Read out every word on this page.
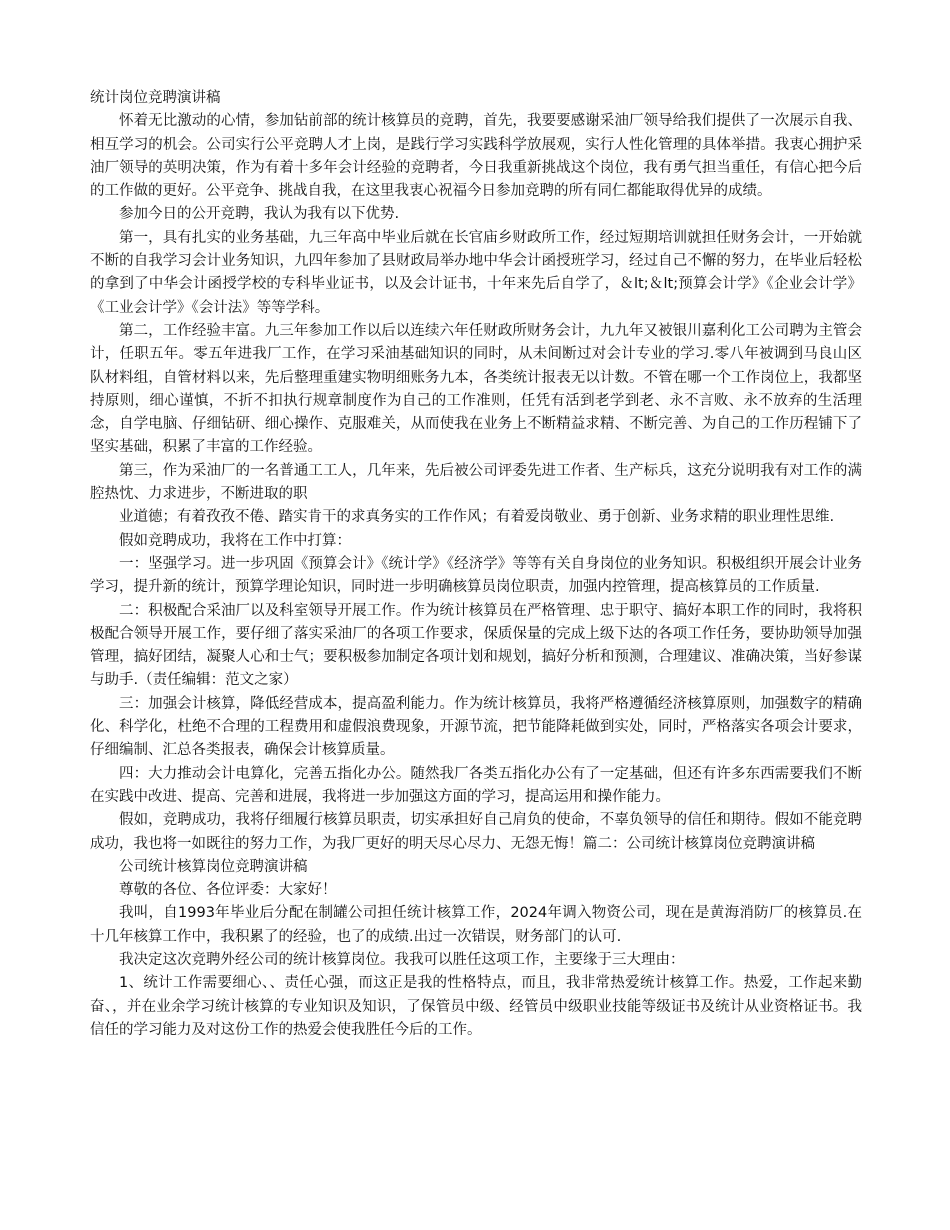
统计岗位竞聘演讲稿

怀着无比激动的心情，参加钻前部的统计核算员的竞聘，首先，我要要感谢采油厂领导给我们提供了一次展示自我、相互学习的机会。公司实行公平竞聘人才上岗，是践行学习实践科学放展观，实行人性化管理的具体举措。我衷心拥护采油厂领导的英明决策，作为有着十多年会计经验的竞聘者，今日我重新挑战这个岗位，我有勇气担当重任，有信心把今后的工作做的更好。公平竞争、挑战自我，在这里我衷心祝福今日参加竞聘的所有同仁都能取得优异的成绩。

参加今日的公开竞聘，我认为我有以下优势.

第一，具有扎实的业务基础，九三年高中毕业后就在长官庙乡财政所工作，经过短期培训就担任财务会计，一开始就不断的自我学习会计业务知识，九四年参加了县财政局举办地中华会计函授班学习，经过自己不懈的努力，在毕业后轻松的拿到了中华会计函授学校的专科毕业证书，以及会计证书，十年来先后自学了，＆lt;＆lt;预算会计学》《企业会计学》《工业会计学》《会计法》等等学科。

第二，工作经验丰富。九三年参加工作以后以连续六年任财政所财务会计，九九年又被银川嘉利化工公司聘为主管会计，任职五年。零五年进我厂工作，在学习采油基础知识的同时，从未间断过对会计专业的学习.零八年被调到马良山区队材料组，自管材料以来，先后整理重建实物明细账务九本，各类统计报表无以计数。不管在哪一个工作岗位上，我都坚持原则，细心谨慎，不折不扣执行规章制度作为自己的工作准则，任凭有活到老学到老、永不言败、永不放弃的生活理念，自学电脑、仔细钻研、细心操作、克服难关，从而使我在业务上不断精益求精、不断完善、为自己的工作历程铺下了坚实基础，积累了丰富的工作经验。

第三，作为采油厂的一名普通工工人，几年来，先后被公司评委先进工作者、生产标兵，这充分说明我有对工作的满腔热忱、力求进步，不断进取的职

业道德；有着孜孜不倦、踏实肯干的求真务实的工作作风；有着爱岗敬业、勇于创新、业务求精的职业理性思维.

假如竞聘成功，我将在工作中打算：

一：坚强学习。进一步巩固《预算会计》《统计学》《经济学》等等有关自身岗位的业务知识。积极组织开展会计业务学习，提升新的统计，预算学理论知识，同时进一步明确核算员岗位职责，加强内控管理，提高核算员的工作质量.

二：积极配合采油厂以及科室领导开展工作。作为统计核算员在严格管理、忠于职守、搞好本职工作的同时，我将积极配合领导开展工作，要仔细了落实采油厂的各项工作要求，保质保量的完成上级下达的各项工作任务，要协助领导加强管理，搞好团结，凝聚人心和士气；要积极参加制定各项计划和规划，搞好分析和预测，合理建议、准确决策，当好参谋与助手.（责任编辑：范文之家）

三：加强会计核算，降低经营成本，提高盈利能力。作为统计核算员，我将严格遵循经济核算原则，加强数字的精确化、科学化，杜绝不合理的工程费用和虚假浪费现象，开源节流，把节能降耗做到实处，同时，严格落实各项会计要求，仔细编制、汇总各类报表，确保会计核算质量。

四：大力推动会计电算化，完善五指化办公。随然我厂各类五指化办公有了一定基础，但还有许多东西需要我们不断在实践中改进、提高、完善和进展，我将进一步加强这方面的学习，提高运用和操作能力。

假如，竞聘成功，我将仔细履行核算员职责，切实承担好自己肩负的使命，不辜负领导的信任和期待。假如不能竞聘成功，我也将一如既往的努力工作，为我厂更好的明天尽心尽力、无怨无悔！篇二：公司统计核算岗位竞聘演讲稿

公司统计核算岗位竞聘演讲稿

尊敬的各位、各位评委：大家好！

我叫，自1993年毕业后分配在制罐公司担任统计核算工作，2024年调入物资公司，现在是黄海消防厂的核算员.在十几年核算工作中，我积累了的经验，也了的成绩.出过一次错误，财务部门的认可.

我决定这次竞聘外经公司的统计核算岗位。我我可以胜任这项工作，主要缘于三大理由：

1、统计工作需要细心、、责任心强，而这正是我的性格特点，而且，我非常热爱统计核算工作。热爱，工作起来勤奋、，并在业余学习统计核算的专业知识及知识，了保管员中级、经管员中级职业技能等级证书及统计从业资格证书。我信任的学习能力及对这份工作的热爱会使我胜任今后的工作。
